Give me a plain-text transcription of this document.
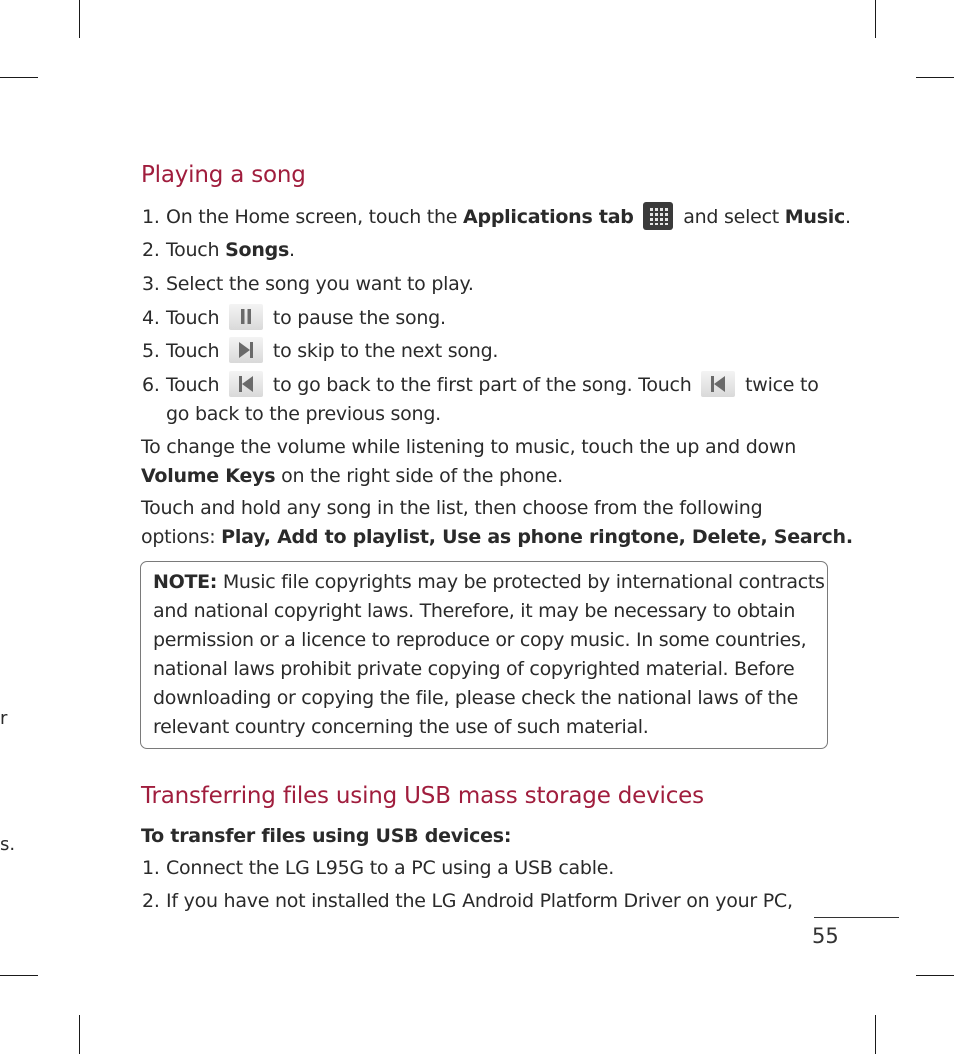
r
s.
Playing a song
1. On the Home screen, touch the Applications tab  and select Music.
2. Touch Songs.
3. Select the song you want to play.
4. Touch	to pause the song.
5. Touch	to skip to the next song.
6. Touch	to go back to the first part of the song. Touch	twice to
go back to the previous song.
To change the volume while listening to music, touch the up and down
Volume Keys on the right side of the phone.
Touch and hold any song in the list, then choose from the following
options: Play, Add to playlist, Use as phone ringtone, Delete, Search.
NOTE: Music file copyrights may be protected by international contracts
and national copyright laws. Therefore, it may be necessary to obtain
permission or a licence to reproduce or copy music. In some countries,
national laws prohibit private copying of copyrighted material. Before
downloading or copying the file, please check the national laws of the
relevant country concerning the use of such material.
Transferring files using USB mass storage devices
To transfer files using USB devices:
1. Connect the LG L95G to a PC using a USB cable.
2. If you have not installed the LG Android Platform Driver on your PC,
55
